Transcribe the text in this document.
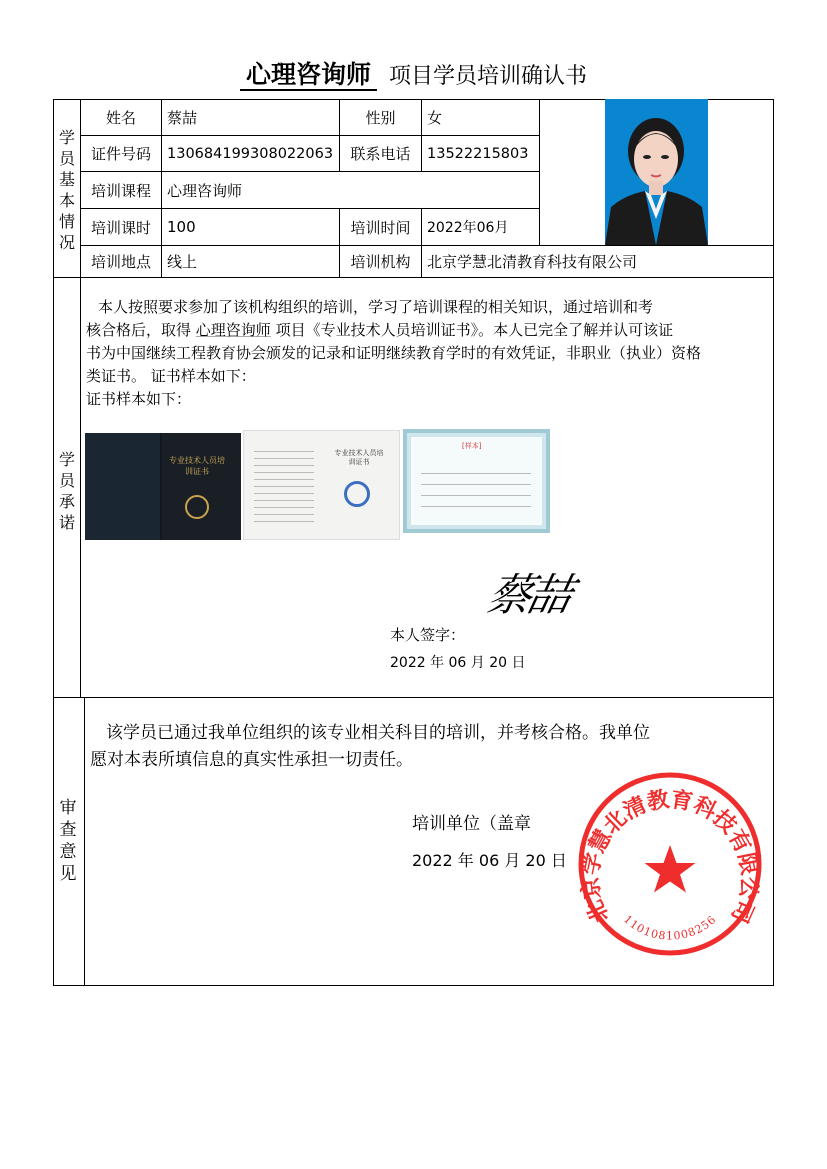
心理咨询师 项目学员培训确认书
学
员
基
本
情
况
姓名	蔡喆	性别	女
证件号码	130684199308022063	联系电话	13522215803
培训课程	心理咨询师
培训课时	100	培训时间	2022年06月
培训地点	线上	培训机构	北京学慧北清教育科技有限公司
学
员
承
诺
本人按照要求参加了该机构组织的培训，学习了培训课程的相关知识，通过培训和考
核合格后，取得 心理咨询师 项目《专业技术人员培训证书》。本人已完全了解并认可该证
书为中国继续工程教育协会颁发的记录和证明继续教育学时的有效凭证，非职业（执业）资格
类证书。 证书样本如下：
证书样本如下：
专业技术人员培训证书
专业技术人员培训证书
[样本]
本人签字：
蔡喆
2022 年 06 月 20 日
审
查
意
见
该学员已通过我单位组织的该专业相关科目的培训，并考核合格。我单位
愿对本表所填信息的真实性承担一切责任。
培训单位（盖章
2022 年 06 月 20 日
北京学慧北清教育科技有限公司
1101081008256
